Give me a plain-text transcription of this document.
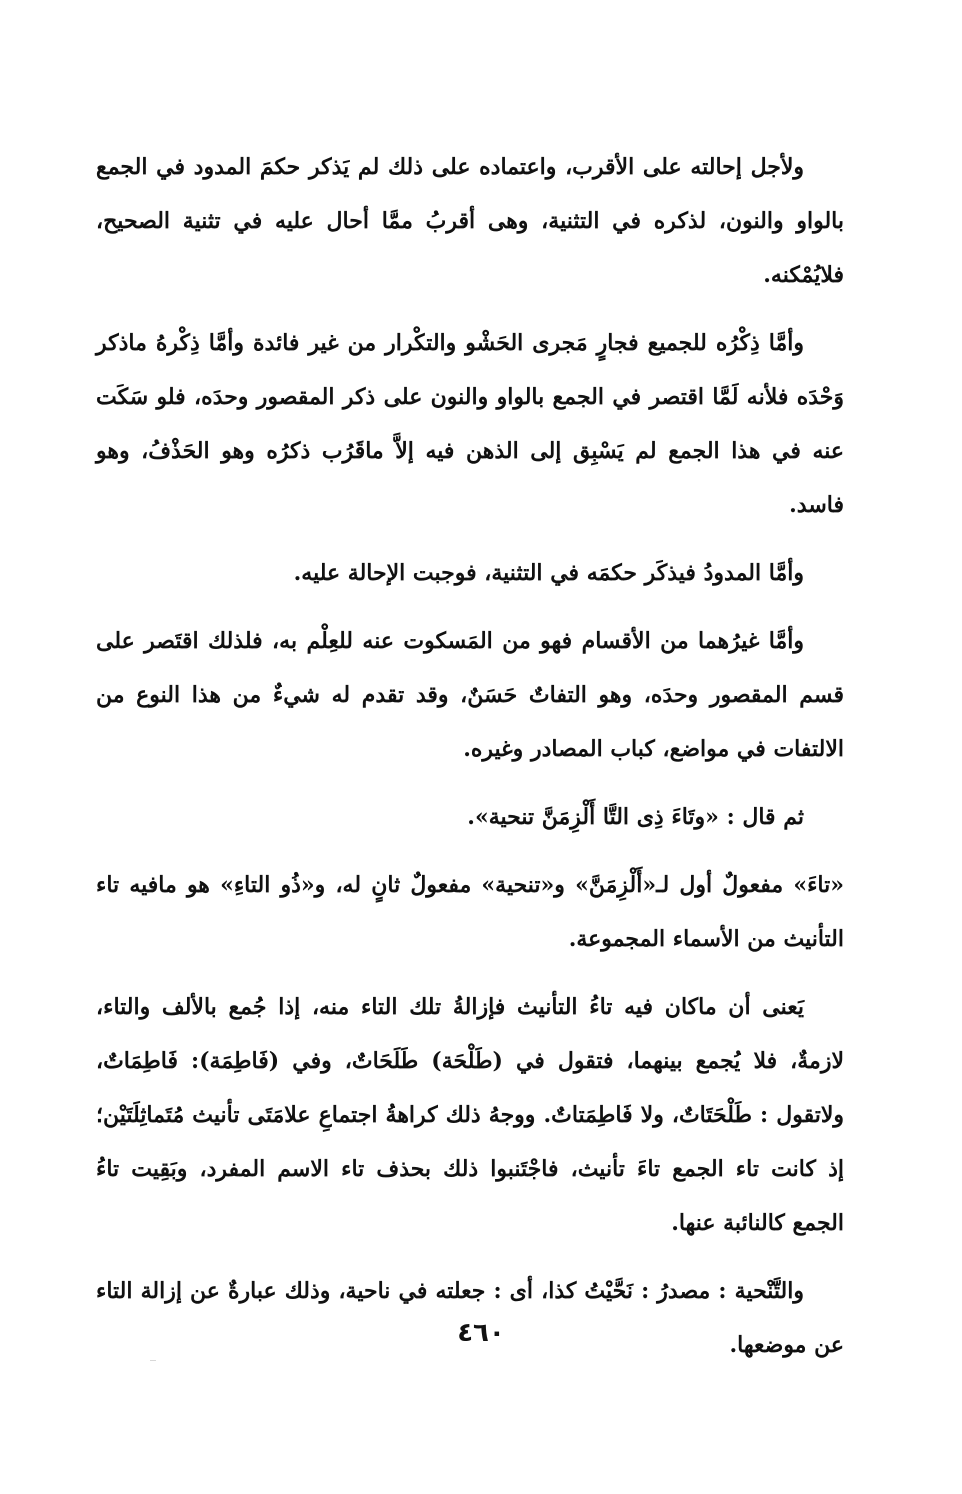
ولأجل إحالته على الأقرب، واعتماده على ذلك لم يَذكر حكمَ المدود في الجمع بالواو والنون، لذكره في التثنية، وهى أقربُ ممَّا أحال عليه في تثنية الصحيح، فلايُمْكنه.

وأمَّا ذِكْرُه للجميع فجارٍ مَجرى الحَشْو والتكْرار من غير فائدة وأمَّا ذِكْرهُ ماذكر وَحْدَه فلأنه لَمَّا اقتصر في الجمع بالواو والنون على ذكر المقصور وحدَه، فلو سَكَت عنه في هذا الجمع لم يَسْبِق إلى الذهن فيه إلاَّ ماقَرُب ذكرُه وهو الحَذْفُ، وهو فاسد.

وأمَّا المدودُ فيذكَر حكمَه في التثنية، فوجبت الإحالة عليه.

وأمَّا غيرُهما من الأقسام فهو من المَسكوت عنه للعِلْم به، فلذلك اقتَصر على قسم المقصور وحدَه، وهو التفاتٌ حَسَنٌ، وقد تقدم له شيءٌ من هذا النوع من الالتفات في مواضع، كباب المصادر وغيره.

ثم قال : «وتَاءَ ذِى التَّا أَلْزِمَنَّ تنحية».

«تاءَ» مفعولٌ أول لـ«أَلْزِمَنَّ» و«تنحية» مفعولٌ ثانٍ له، و«ذُو التاءِ» هو مافيه تاء التأنيث من الأسماء المجموعة.

يَعنى أن ماكان فيه تاءُ التأنيث فإزالةُ تلك التاء منه، إذا جُمع بالألف والتاء، لازمةٌ، فلا يُجمع بينهما، فتقول في (طَلْحَة) طَلَحَاتٌ، وفي (فَاطِمَة): فَاطِمَاتٌ، ولاتقول : طَلْحَتَاتٌ، ولا فَاطِمَتاتٌ. ووجهُ ذلك كراهةُ اجتماعِ علامَتَى تأنيث مُتَماثِلَتَيْن؛ إذ كانت تاء الجمع تاءَ تأنيث، فاجْتَنبوا ذلك بحذف تاء الاسم المفرد، وبَقِيت تاءُ الجمع كالنائبة عنها.

والتَّنْحية : مصدرُ : نَحَّيْتُ كذا، أى : جعلته في ناحية، وذلك عبارةٌ عن إزالة التاء عن موضعها.

٤٦٠
